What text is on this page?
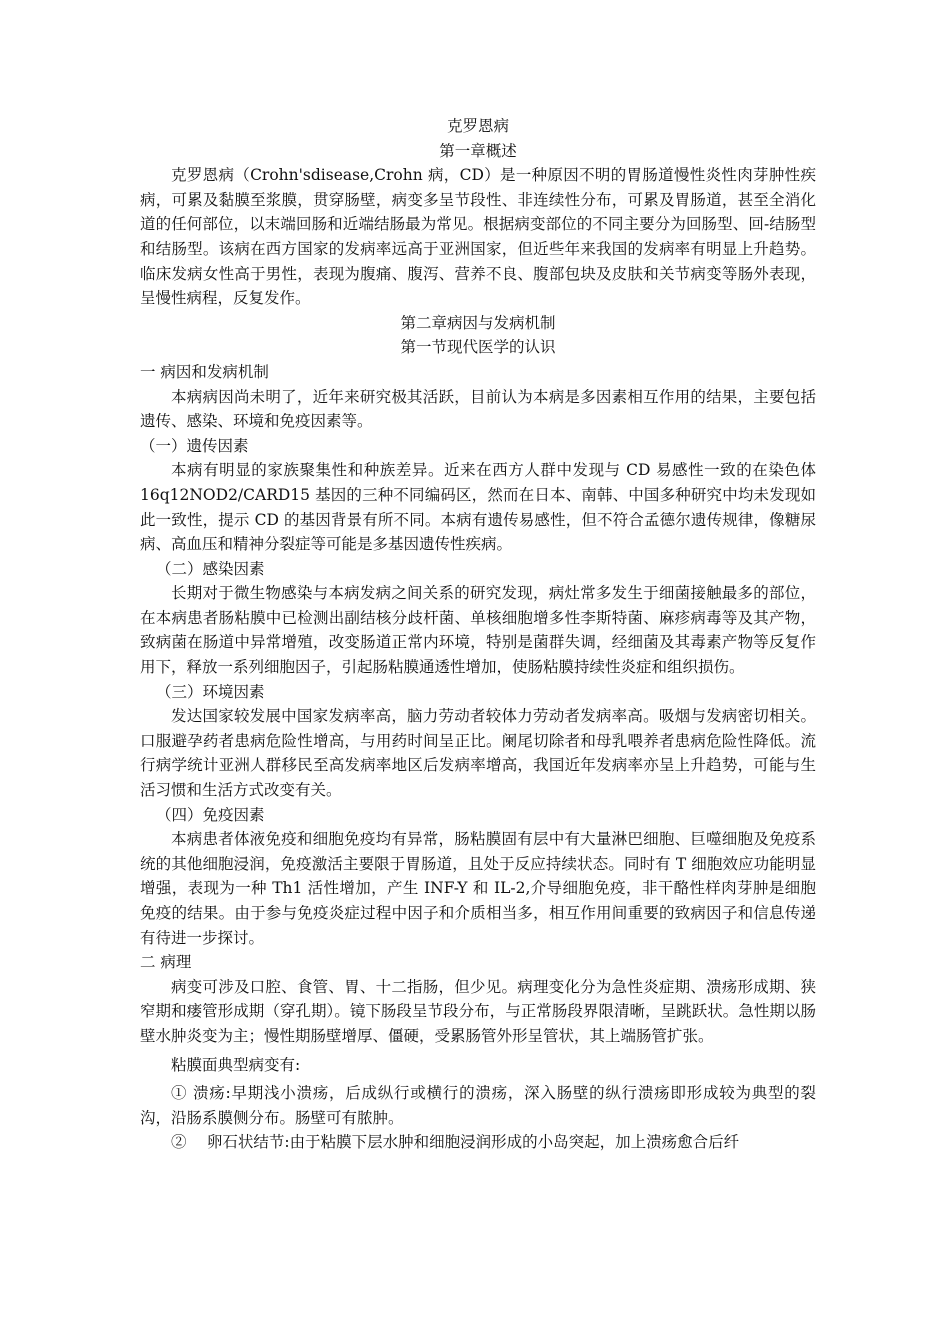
克罗恩病

第一章概述

克罗恩病（Crohn'sdisease,Crohn 病，CD）是一种原因不明的胃肠道慢性炎性肉芽肿性疾病，可累及黏膜至浆膜，贯穿肠壁，病变多呈节段性、非连续性分布，可累及胃肠道，甚至全消化道的任何部位，以末端回肠和近端结肠最为常见。根据病变部位的不同主要分为回肠型、回-结肠型和结肠型。该病在西方国家的发病率远高于亚洲国家，但近些年来我国的发病率有明显上升趋势。临床发病女性高于男性，表现为腹痛、腹泻、营养不良、腹部包块及皮肤和关节病变等肠外表现，呈慢性病程，反复发作。

第二章病因与发病机制

第一节现代医学的认识

一 病因和发病机制

本病病因尚未明了，近年来研究极其活跃，目前认为本病是多因素相互作用的结果，主要包括遗传、感染、环境和免疫因素等。

（一）遗传因素

本病有明显的家族聚集性和种族差异。近来在西方人群中发现与 CD 易感性一致的在染色体 16q12NOD2/CARD15 基因的三种不同编码区，然而在日本、南韩、中国多种研究中均未发现如此一致性，提示 CD 的基因背景有所不同。本病有遗传易感性，但不符合孟德尔遗传规律，像糖尿病、高血压和精神分裂症等可能是多基因遗传性疾病。

（二）感染因素

长期对于微生物感染与本病发病之间关系的研究发现，病灶常多发生于细菌接触最多的部位，在本病患者肠粘膜中已检测出副结核分歧杆菌、单核细胞增多性李斯特菌、麻疹病毒等及其产物，致病菌在肠道中异常增殖，改变肠道正常内环境，特别是菌群失调，经细菌及其毒素产物等反复作用下，释放一系列细胞因子，引起肠粘膜通透性增加，使肠粘膜持续性炎症和组织损伤。

（三）环境因素

发达国家较发展中国家发病率高，脑力劳动者较体力劳动者发病率高。吸烟与发病密切相关。口服避孕药者患病危险性增高，与用药时间呈正比。阑尾切除者和母乳喂养者患病危险性降低。流行病学统计亚洲人群移民至高发病率地区后发病率增高，我国近年发病率亦呈上升趋势，可能与生活习惯和生活方式改变有关。

（四）免疫因素

本病患者体液免疫和细胞免疫均有异常，肠粘膜固有层中有大量淋巴细胞、巨噬细胞及免疫系统的其他细胞浸润，免疫激活主要限于胃肠道，且处于反应持续状态。同时有 T 细胞效应功能明显增强，表现为一种 Th1 活性增加，产生 INF-Y 和 IL-2,介导细胞免疫，非干酪性样肉芽肿是细胞免疫的结果。由于参与免疫炎症过程中因子和介质相当多，相互作用间重要的致病因子和信息传递有待进一步探讨。

二 病理

病变可涉及口腔、食管、胃、十二指肠，但少见。病理变化分为急性炎症期、溃疡形成期、狭窄期和瘘管形成期（穿孔期）。镜下肠段呈节段分布，与正常肠段界限清晰，呈跳跃状。急性期以肠壁水肿炎变为主；慢性期肠壁增厚、僵硬，受累肠管外形呈管状，其上端肠管扩张。

粘膜面典型病变有:

① 溃疡:早期浅小溃疡，后成纵行或横行的溃疡，深入肠壁的纵行溃疡即形成较为典型的裂沟，沿肠系膜侧分布。肠壁可有脓肿。

②　 卵石状结节:由于粘膜下层水肿和细胞浸润形成的小岛突起，加上溃疡愈合后纤
